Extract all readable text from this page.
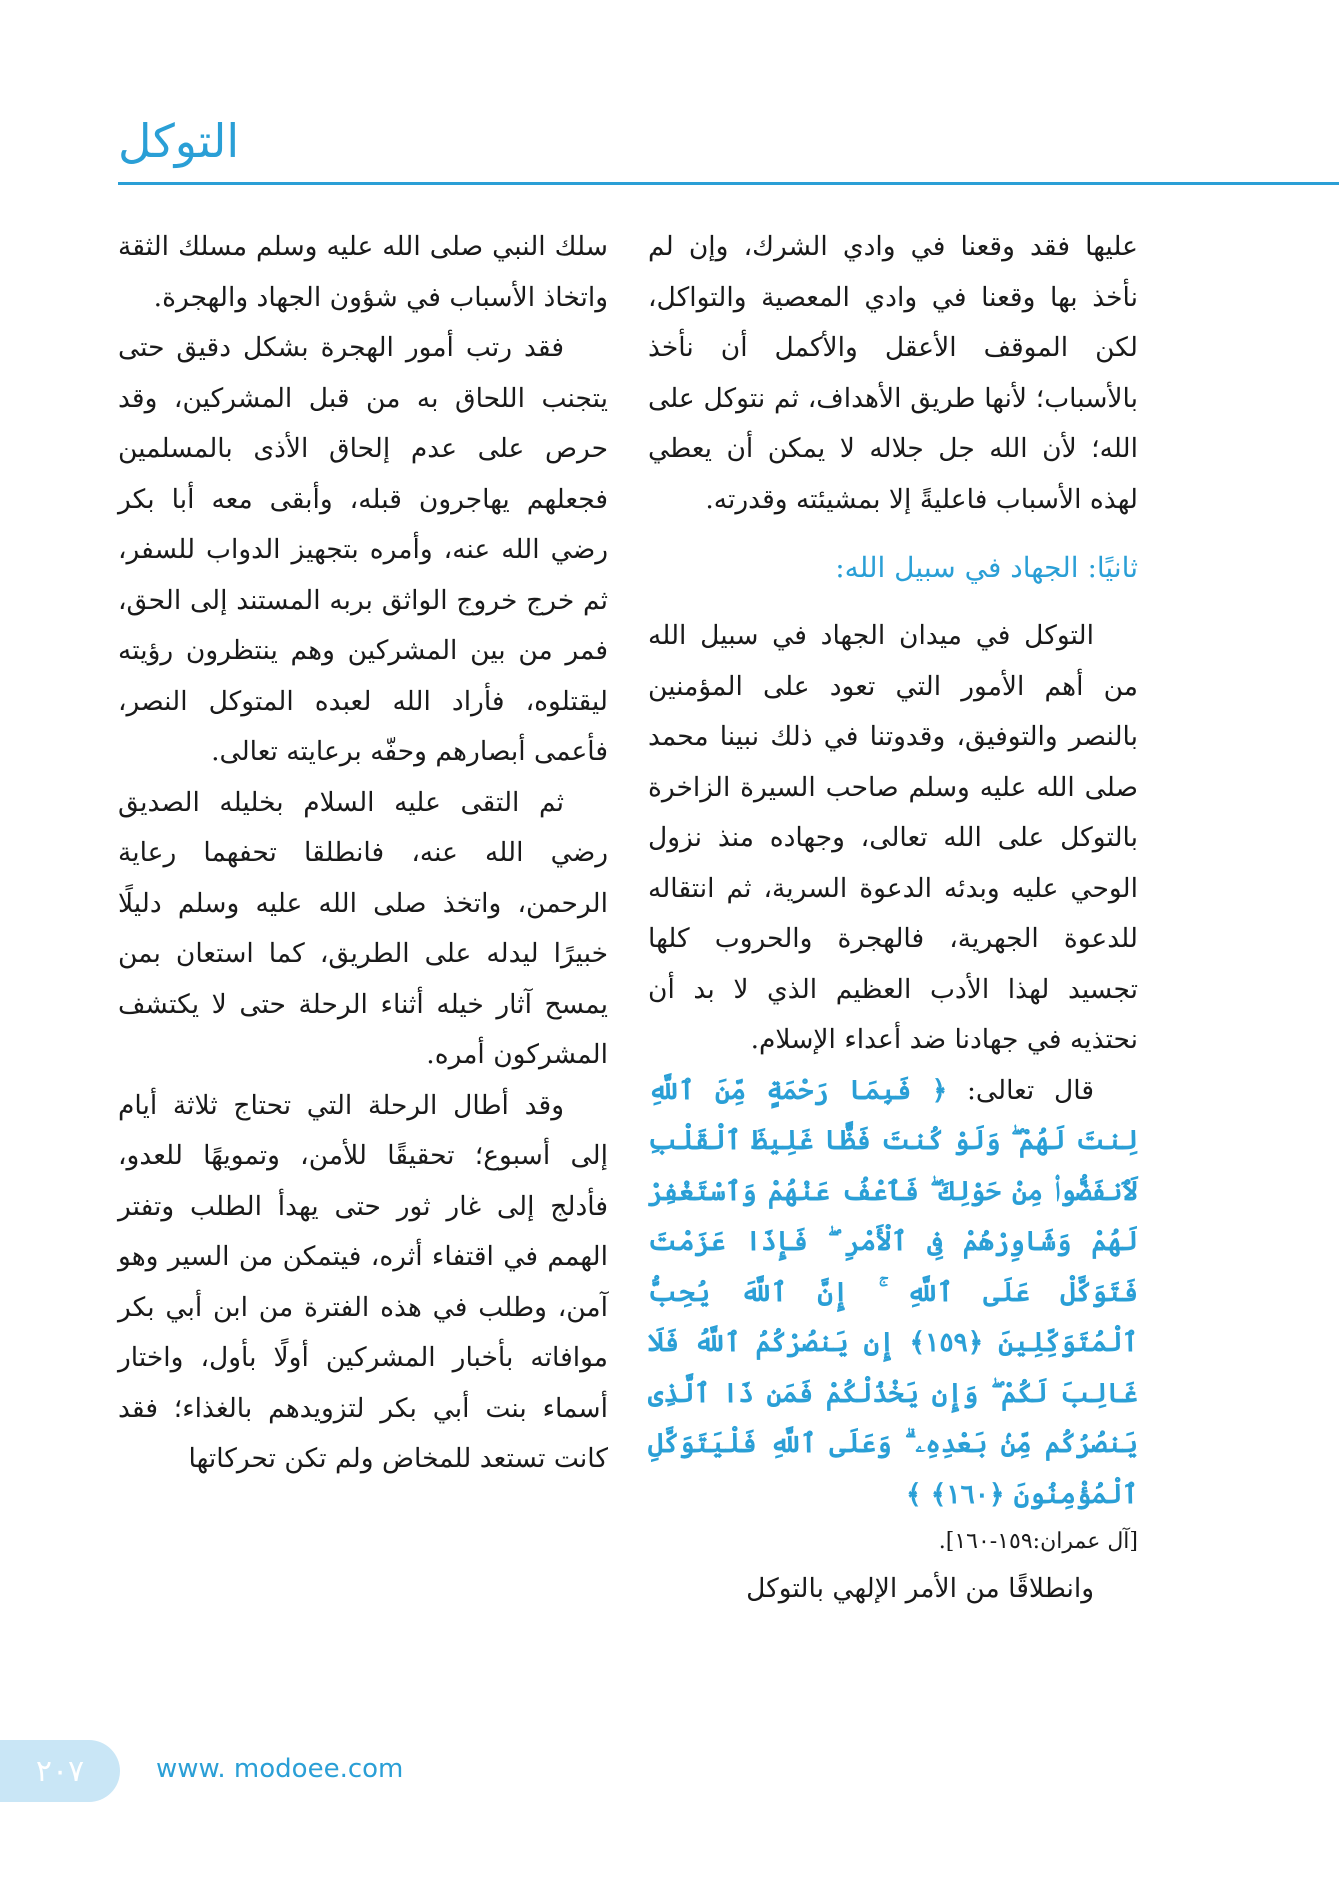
التوكل

عليها فقد وقعنا في وادي الشرك، وإن لم نأخذ بها وقعنا في وادي المعصية والتواكل، لكن الموقف الأعقل والأكمل أن نأخذ بالأسباب؛ لأنها طريق الأهداف، ثم نتوكل على الله؛ لأن الله جل جلاله لا يمكن أن يعطي لهذه الأسباب فاعليةً إلا بمشيئته وقدرته.

ثانيًا: الجهاد في سبيل الله:

التوكل في ميدان الجهاد في سبيل الله من أهم الأمور التي تعود على المؤمنين بالنصر والتوفيق، وقدوتنا في ذلك نبينا محمد صلى الله عليه وسلم صاحب السيرة الزاخرة بالتوكل على الله تعالى، وجهاده منذ نزول الوحي عليه وبدئه الدعوة السرية، ثم انتقاله للدعوة الجهرية، فالهجرة والحروب كلها تجسيد لهذا الأدب العظيم الذي لا بد أن نحتذيه في جهادنا ضد أعداء الإسلام.

قال تعالى: ﴿ فَبِمَا رَحْمَةٍ مِّنَ ٱللَّهِ لِنتَ لَهُمْ ۖ وَلَوْ كُنتَ فَظًّا غَلِيظَ ٱلْقَلْبِ لَٱنفَضُّوا۟ مِنْ حَوْلِكَ ۖ فَٱعْفُ عَنْهُمْ وَٱسْتَغْفِرْ لَهُمْ وَشَاوِرْهُمْ فِى ٱلْأَمْرِ ۖ فَإِذَا عَزَمْتَ فَتَوَكَّلْ عَلَى ٱللَّهِ ۚ إِنَّ ٱللَّهَ يُحِبُّ ٱلْمُتَوَكِّلِينَ ﴿١٥٩﴾ إِن يَنصُرْكُمُ ٱللَّهُ فَلَا غَالِبَ لَكُمْ ۖ وَإِن يَخْذُلْكُمْ فَمَن ذَا ٱلَّذِى يَنصُرُكُم مِّنۢ بَعْدِهِۦ ۗ وَعَلَى ٱللَّهِ فَلْيَتَوَكَّلِ ٱلْمُؤْمِنُونَ ﴿١٦٠﴾ ﴾

[آل عمران:١٥٩-١٦٠].

وانطلاقًا من الأمر الإلهي بالتوكل

سلك النبي صلى الله عليه وسلم مسلك الثقة واتخاذ الأسباب في شؤون الجهاد والهجرة.

فقد رتب أمور الهجرة بشكل دقيق حتى يتجنب اللحاق به من قبل المشركين، وقد حرص على عدم إلحاق الأذى بالمسلمين فجعلهم يهاجرون قبله، وأبقى معه أبا بكر رضي الله عنه، وأمره بتجهيز الدواب للسفر، ثم خرج خروج الواثق بربه المستند إلى الحق، فمر من بين المشركين وهم ينتظرون رؤيته ليقتلوه، فأراد الله لعبده المتوكل النصر، فأعمى أبصارهم وحفّه برعايته تعالى.

ثم التقى عليه السلام بخليله الصديق رضي الله عنه، فانطلقا تحفهما رعاية الرحمن، واتخذ صلى الله عليه وسلم دليلًا خبيرًا ليدله على الطريق، كما استعان بمن يمسح آثار خيله أثناء الرحلة حتى لا يكتشف المشركون أمره.

وقد أطال الرحلة التي تحتاج ثلاثة أيام إلى أسبوع؛ تحقيقًا للأمن، وتمويهًا للعدو، فأدلج إلى غار ثور حتى يهدأ الطلب وتفتر الهمم في اقتفاء أثره، فيتمكن من السير وهو آمن، وطلب في هذه الفترة من ابن أبي بكر موافاته بأخبار المشركين أولًا بأول، واختار أسماء بنت أبي بكر لتزويدهم بالغذاء؛ فقد كانت تستعد للمخاض ولم تكن تحركاتها

٢٠٧	www. modoee.com
